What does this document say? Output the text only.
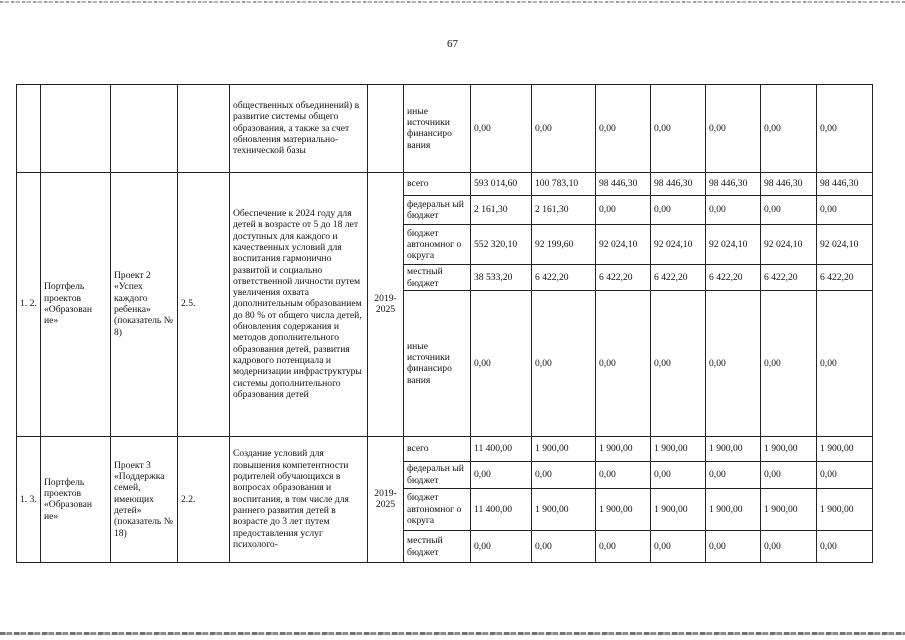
67
				общественных объединений) в развитие системы общего образования, а также за счет обновления материально-технической базы		иные источники финансиро вания	0,00	0,00	0,00	0,00	0,00	0,00	0,00
1. 2.	Портфель проектов «Образован ие»	Проект 2 «Успех каждого ребенка» (показатель № 8)	2.5.	Обеспечение к 2024 году для детей в возрасте от 5 до 18 лет доступных для каждого и качественных условий для воспитания гармонично развитой и социально ответственной личности путем увеличения охвата дополнительным образованием до 80 % от общего числа детей, обновления содержания и методов дополнительного образования детей, развития кадрового потенциала и модернизации инфраструктуры системы дополнительного образования детей	2019-2025	всего	593 014,60	100 783,10	98 446,30	98 446,30	98 446,30	98 446,30	98 446,30
						федеральн ый бюджет	2 161,30	2 161,30	0,00	0,00	0,00	0,00	0,00
						бюджет автономног о округа	552 320,10	92 199,60	92 024,10	92 024,10	92 024,10	92 024,10	92 024,10
						местный бюджет	38 533,20	6 422,20	6 422,20	6 422,20	6 422,20	6 422,20	6 422,20
						иные источники финансиро вания	0,00	0,00	0,00	0,00	0,00	0,00	0,00
1. 3.	Портфель проектов «Образован ие»	Проект 3 «Поддержка семей, имеющих детей» (показатель № 18)	2.2.	Создание условий для повышения компетентности родителей обучающихся в вопросах образования и воспитания, в том числе для раннего развития детей в возрасте до 3 лет путем предоставления услуг психолого-	2019-2025	всего	11 400,00	1 900,00	1 900,00	1 900,00	1 900,00	1 900,00	1 900,00
						федеральн ый бюджет	0,00	0,00	0,00	0,00	0,00	0,00	0,00
						бюджет автономног о округа	11 400,00	1 900,00	1 900,00	1 900,00	1 900,00	1 900,00	1 900,00
						местный бюджет	0,00	0,00	0,00	0,00	0,00	0,00	0,00
